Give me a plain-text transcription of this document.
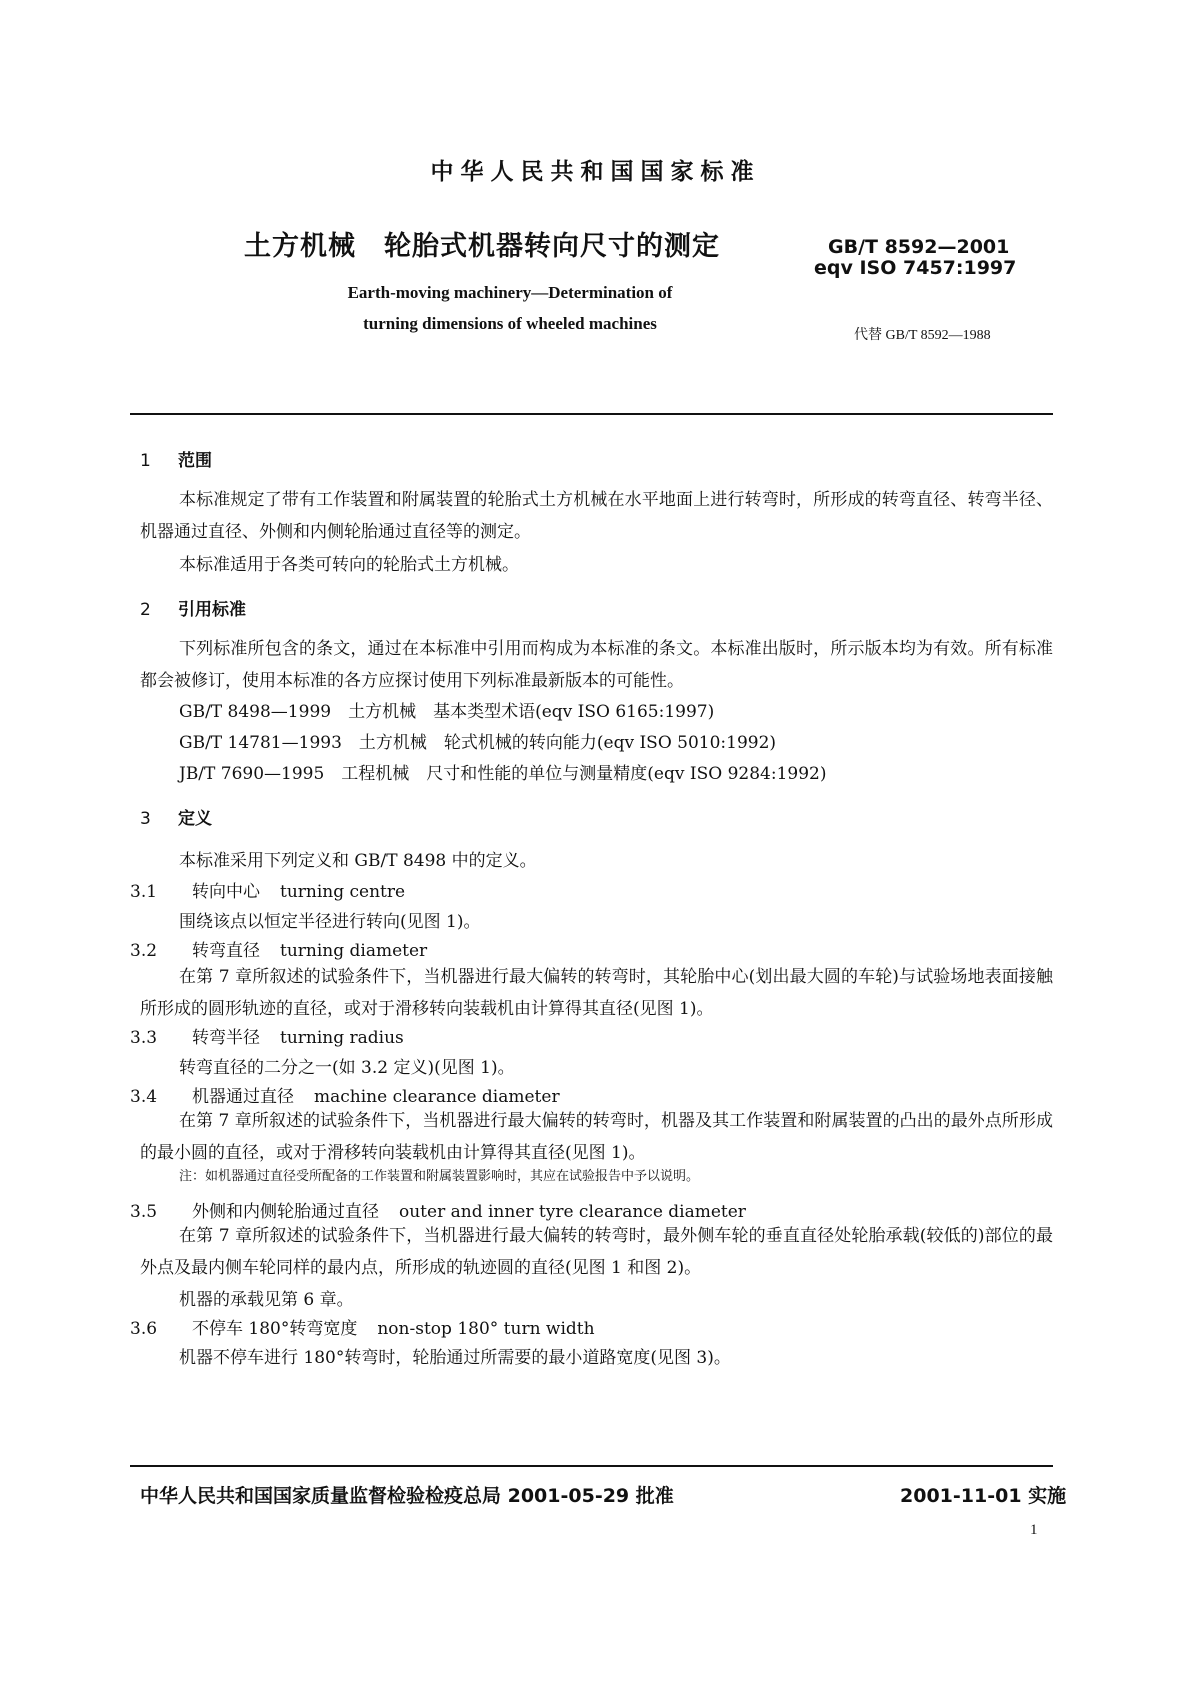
中华人民共和国国家标准
土方机械　轮胎式机器转向尺寸的测定
Earth-moving machinery—Determination of
turning dimensions of wheeled machines
GB/T 8592—2001
eqv ISO 7457:1997
代替 GB/T 8592—1988
1 范围
本标准规定了带有工作装置和附属装置的轮胎式土方机械在水平地面上进行转弯时，所形成的转弯直径、转弯半径、机器通过直径、外侧和内侧轮胎通过直径等的测定。
本标准适用于各类可转向的轮胎式土方机械。
2 引用标准
下列标准所包含的条文，通过在本标准中引用而构成为本标准的条文。本标准出版时，所示版本均为有效。所有标准都会被修订，使用本标准的各方应探讨使用下列标准最新版本的可能性。
GB/T 8498—1999　土方机械　基本类型术语(eqv ISO 6165:1997)
GB/T 14781—1993　土方机械　轮式机械的转向能力(eqv ISO 5010:1992)
JB/T 7690—1995　工程机械　尺寸和性能的单位与测量精度(eqv ISO 9284:1992)
3 定义
本标准采用下列定义和 GB/T 8498 中的定义。
3.1 转向中心 turning centre
围绕该点以恒定半径进行转向(见图 1)。
3.2 转弯直径 turning diameter
在第 7 章所叙述的试验条件下，当机器进行最大偏转的转弯时，其轮胎中心(划出最大圆的车轮)与试验场地表面接触所形成的圆形轨迹的直径，或对于滑移转向装载机由计算得其直径(见图 1)。
3.3 转弯半径 turning radius
转弯直径的二分之一(如 3.2 定义)(见图 1)。
3.4 机器通过直径 machine clearance diameter
在第 7 章所叙述的试验条件下，当机器进行最大偏转的转弯时，机器及其工作装置和附属装置的凸出的最外点所形成的最小圆的直径，或对于滑移转向装载机由计算得其直径(见图 1)。
注：如机器通过直径受所配备的工作装置和附属装置影响时，其应在试验报告中予以说明。
3.5 外侧和内侧轮胎通过直径 outer and inner tyre clearance diameter
在第 7 章所叙述的试验条件下，当机器进行最大偏转的转弯时，最外侧车轮的垂直直径处轮胎承载(较低的)部位的最外点及最内侧车轮同样的最内点，所形成的轨迹圆的直径(见图 1 和图 2)。
机器的承载见第 6 章。
3.6 不停车 180°转弯宽度 non-stop 180° turn width
机器不停车进行 180°转弯时，轮胎通过所需要的最小道路宽度(见图 3)。
中华人民共和国国家质量监督检验检疫总局 2001-05-29 批准	2001-11-01 实施
1
